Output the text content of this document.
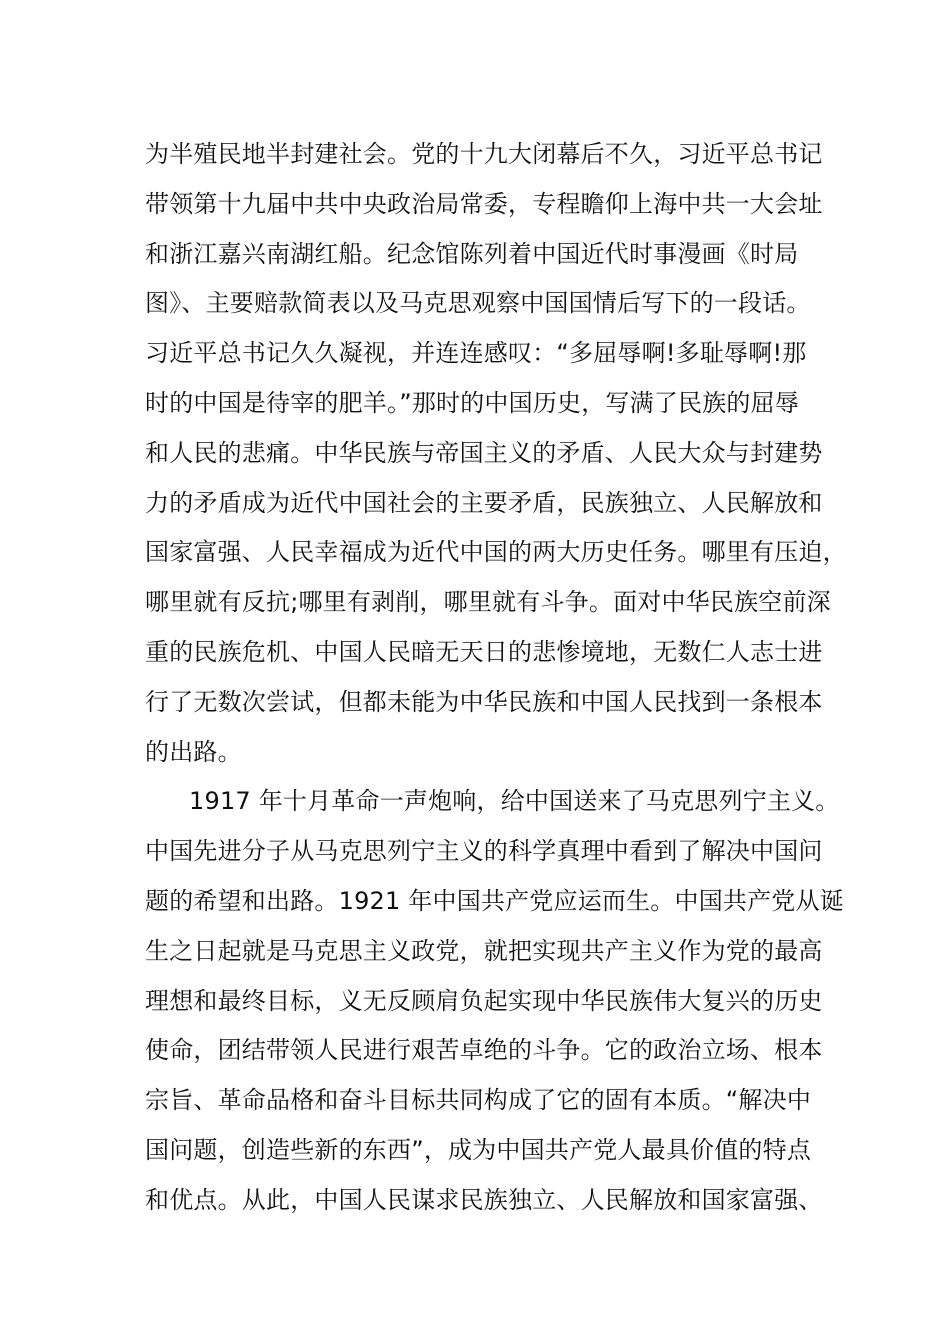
为半殖民地半封建社会。党的十九大闭幕后不久，习近平总书记
带领第十九届中共中央政治局常委，专程瞻仰上海中共一大会址
和浙江嘉兴南湖红船。纪念馆陈列着中国近代时事漫画《时局
图》、主要赔款简表以及马克思观察中国国情后写下的一段话。
习近平总书记久久凝视，并连连感叹：“多屈辱啊!多耻辱啊!那
时的中国是待宰的肥羊。”那时的中国历史，写满了民族的屈辱
和人民的悲痛。中华民族与帝国主义的矛盾、人民大众与封建势
力的矛盾成为近代中国社会的主要矛盾，民族独立、人民解放和
国家富强、人民幸福成为近代中国的两大历史任务。哪里有压迫，
哪里就有反抗;哪里有剥削，哪里就有斗争。面对中华民族空前深
重的民族危机、中国人民暗无天日的悲惨境地，无数仁人志士进
行了无数次尝试，但都未能为中华民族和中国人民找到一条根本
的出路。
1917 年十月革命一声炮响，给中国送来了马克思列宁主义。
中国先进分子从马克思列宁主义的科学真理中看到了解决中国问
题的希望和出路。1921 年中国共产党应运而生。中国共产党从诞
生之日起就是马克思主义政党，就把实现共产主义作为党的最高
理想和最终目标，义无反顾肩负起实现中华民族伟大复兴的历史
使命，团结带领人民进行艰苦卓绝的斗争。它的政治立场、根本
宗旨、革命品格和奋斗目标共同构成了它的固有本质。“解决中
国问题，创造些新的东西”，成为中国共产党人最具价值的特点
和优点。从此，中国人民谋求民族独立、人民解放和国家富强、
